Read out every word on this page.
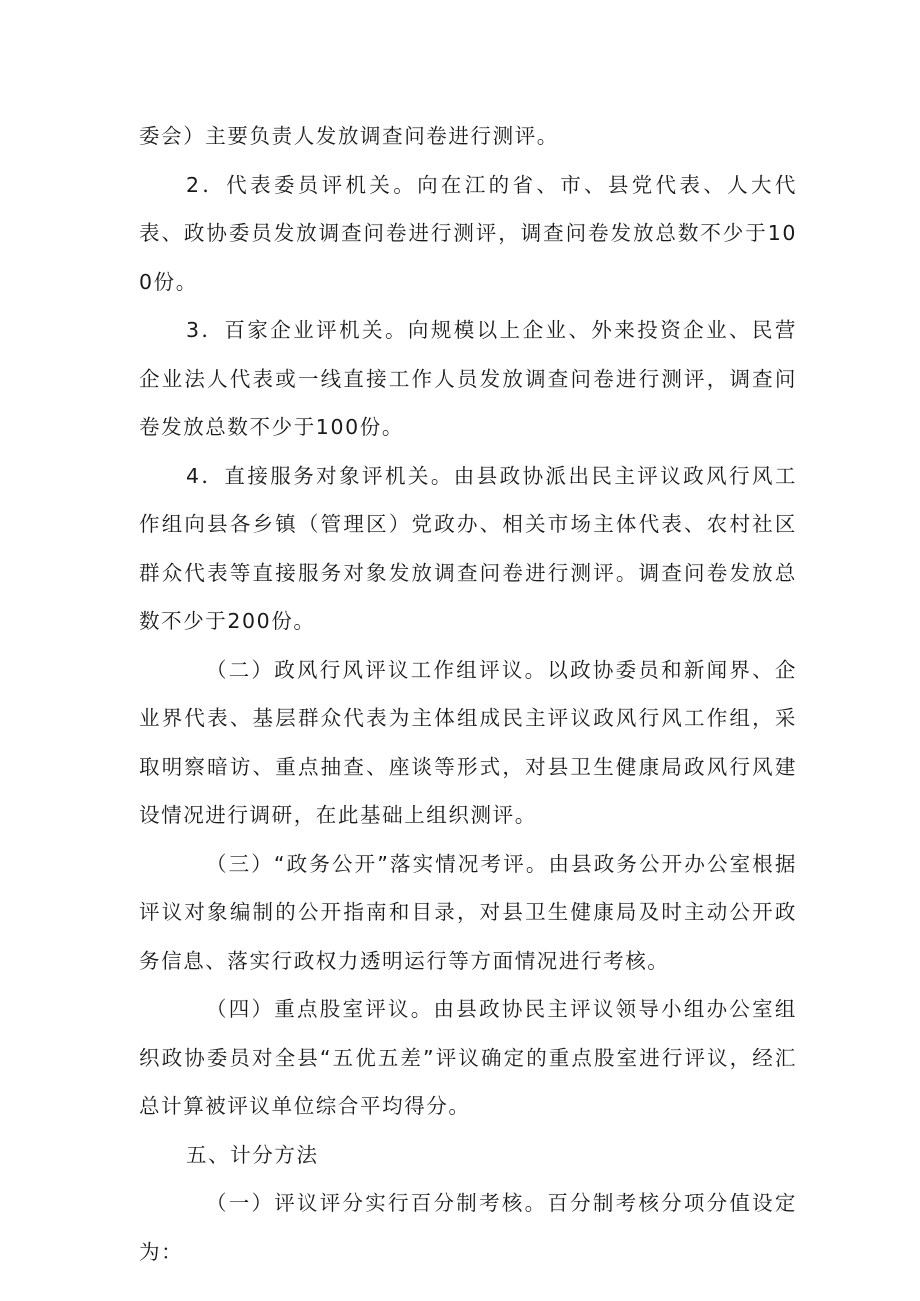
委会）主要负责人发放调查问卷进行测评。

2．代表委员评机关。向在江的省、市、县党代表、人大代表、政协委员发放调查问卷进行测评，调查问卷发放总数不少于100份。

3．百家企业评机关。向规模以上企业、外来投资企业、民营企业法人代表或一线直接工作人员发放调查问卷进行测评，调查问卷发放总数不少于100份。

4．直接服务对象评机关。由县政协派出民主评议政风行风工作组向县各乡镇（管理区）党政办、相关市场主体代表、农村社区群众代表等直接服务对象发放调查问卷进行测评。调查问卷发放总数不少于200份。

（二）政风行风评议工作组评议。以政协委员和新闻界、企业界代表、基层群众代表为主体组成民主评议政风行风工作组，采取明察暗访、重点抽查、座谈等形式，对县卫生健康局政风行风建设情况进行调研，在此基础上组织测评。

（三）“政务公开”落实情况考评。由县政务公开办公室根据评议对象编制的公开指南和目录，对县卫生健康局及时主动公开政务信息、落实行政权力透明运行等方面情况进行考核。

（四）重点股室评议。由县政协民主评议领导小组办公室组织政协委员对全县“五优五差”评议确定的重点股室进行评议，经汇总计算被评议单位综合平均得分。

五、计分方法

（一）评议评分实行百分制考核。百分制考核分项分值设定为：
